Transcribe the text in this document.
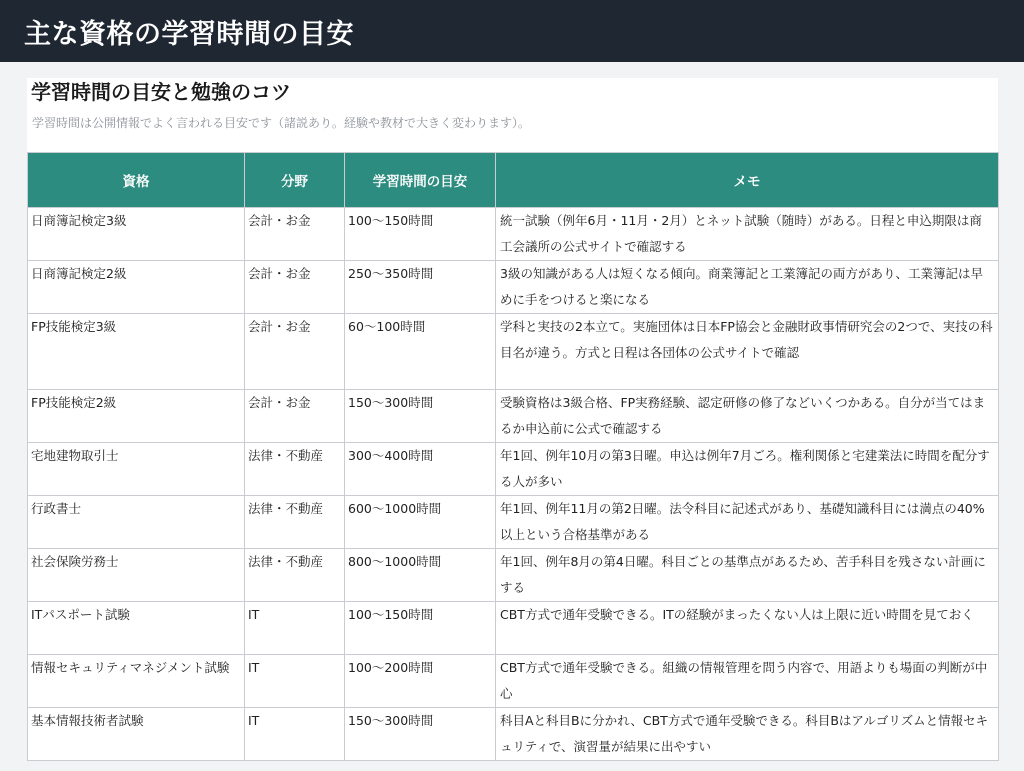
主な資格の学習時間の目安
学習時間の目安と勉強のコツ

学習時間は公開情報でよく言われる目安です（諸説あり。経験や教材で大きく変わります）。

資格	分野	学習時間の目安	メモ
日商簿記検定3級	会計・お金	100〜150時間	統一試験（例年6月・11月・2月）とネット試験（随時）がある。日程と申込期限は商工会議所の公式サイトで確認する
日商簿記検定2級	会計・お金	250〜350時間	3級の知識がある人は短くなる傾向。商業簿記と工業簿記の両方があり、工業簿記は早めに手をつけると楽になる
FP技能検定3級	会計・お金	60〜100時間	学科と実技の2本立て。実施団体は日本FP協会と金融財政事情研究会の2つで、実技の科目名が違う。方式と日程は各団体の公式サイトで確認
FP技能検定2級	会計・お金	150〜300時間	受験資格は3級合格、FP実務経験、認定研修の修了などいくつかある。自分が当てはまるか申込前に公式で確認する
宅地建物取引士	法律・不動産	300〜400時間	年1回、例年10月の第3日曜。申込は例年7月ごろ。権利関係と宅建業法に時間を配分する人が多い
行政書士	法律・不動産	600〜1000時間	年1回、例年11月の第2日曜。法令科目に記述式があり、基礎知識科目には満点の40%以上という合格基準がある
社会保険労務士	法律・不動産	800〜1000時間	年1回、例年8月の第4日曜。科目ごとの基準点があるため、苦手科目を残さない計画にする
ITパスポート試験	IT	100〜150時間	CBT方式で通年受験できる。ITの経験がまったくない人は上限に近い時間を見ておく
情報セキュリティマネジメント試験	IT	100〜200時間	CBT方式で通年受験できる。組織の情報管理を問う内容で、用語よりも場面の判断が中心
基本情報技術者試験	IT	150〜300時間	科目Aと科目Bに分かれ、CBT方式で通年受験できる。科目Bはアルゴリズムと情報セキュリティで、演習量が結果に出やすい
